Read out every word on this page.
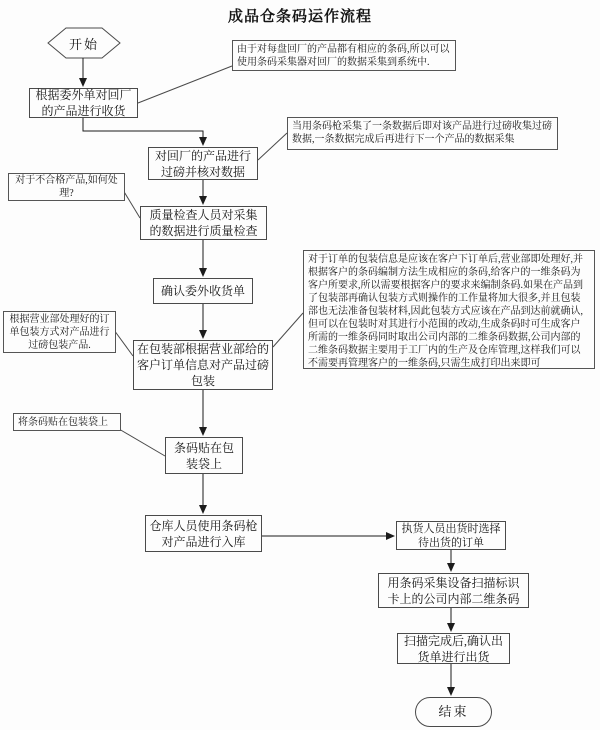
成品仓条码运作流程
开始
根据委外单对回厂的产品进行收货
对回厂的产品进行过磅并核对数据
质量检查人员对采集的数据进行质量检查
确认委外收货单
在包装部根据营业部给的客户订单信息对产品过磅包装
条码贴在包装袋上
仓库人员使用条码枪对产品进行入库
执货人员出货时选择待出货的订单
用条码采集设备扫描标识卡上的公司内部二维条码
扫描完成后,确认出货单进行出货
结束
由于对每盘回厂的产品都有相应的条码,所以可以使用条码采集器对回厂的数据采集到系统中.
当用条码枪采集了一条数据后即对该产品进行过磅收集过磅数据,一条数据完成后再进行下一个产品的数据采集
对于不合格产品,如何处理?
对于订单的包装信息是应该在客户下订单后,营业部即处理好,并根据客户的条码编制方法生成相应的条码,给客户的一维条码为客户所要求,所以需要根据客户的要求来编制条码.如果在产品到了包装部再确认包装方式则操作的工作量将加大很多,并且包装部也无法准备包装材料,因此包装方式应该在产品到达前就确认,但可以在包装时对其进行小范围的改动,生成条码时可生成客户所需的一维条码同时取出公司内部的二维条码数据,公司内部的二维条码数据主要用于工厂内的生产及仓库管理,这样我们可以不需要再管理客户的一维条码,只需生成打印出来即可
根据营业部处理好的订单包装方式对产品进行过磅包装产品.
将条码贴在包装袋上
